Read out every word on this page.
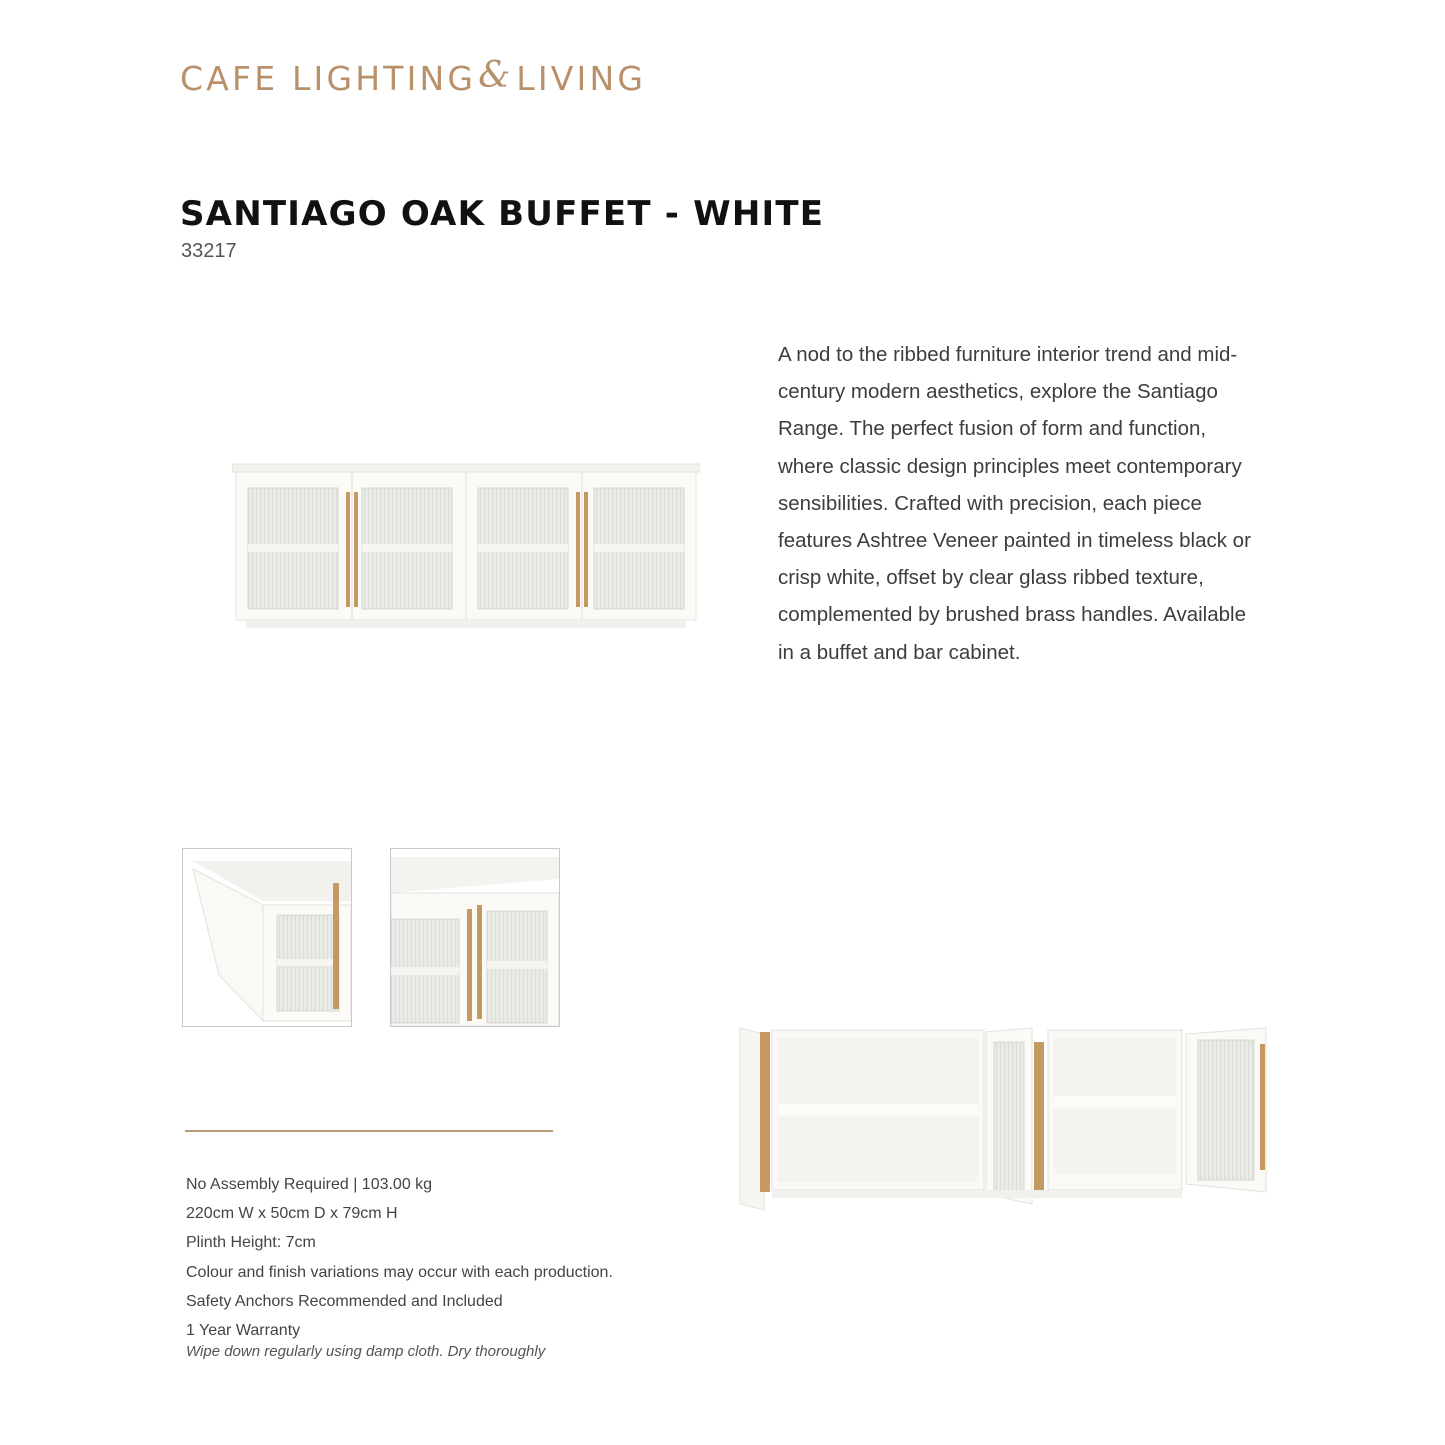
CAFE LIGHTING & LIVING
SANTIAGO OAK BUFFET - WHITE
33217
A nod to the ribbed furniture interior trend and mid-century modern aesthetics, explore the Santiago Range. The perfect fusion of form and function, where classic design principles meet contemporary sensibilities. Crafted with precision, each piece features Ashtree Veneer painted in timeless black or crisp white, offset by clear glass ribbed texture, complemented by brushed brass handles. Available in a buffet and bar cabinet.
No Assembly Required | 103.00 kg
220cm W x 50cm D x 79cm H
Plinth Height: 7cm
Colour and finish variations may occur with each production.
Safety Anchors Recommended and Included
1 Year Warranty
Wipe down regularly using damp cloth. Dry thoroughly
